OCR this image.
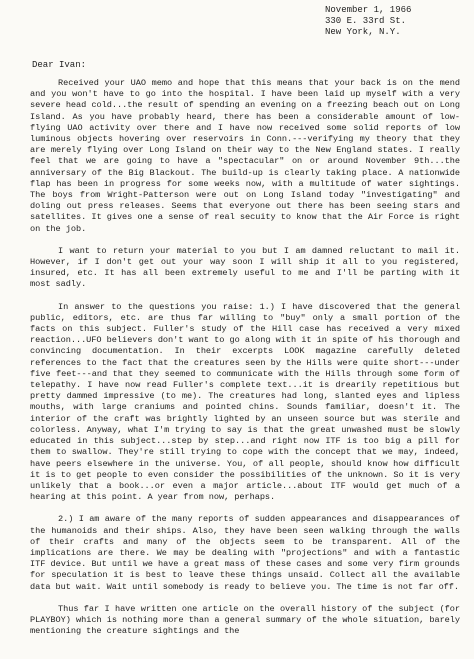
November 1, 1966
330 E. 33rd St.
New York, N.Y.
Dear Ivan:

Received your UAO memo and hope that this means that your back is on the mend and you won't have to go into the hospital. I have been laid up myself with a very severe head cold...the result of spending an evening on a freezing beach out on Long Island. As you have probably heard, there has been a considerable amount of low-flying UAO activity over there and I have now received some solid reports of low luminous objects hovering over reservoirs in Conn.---verifying my theory that they are merely flying over Long Island on their way to the New England states. I really feel that we are going to have a "spectacular" on or around November 9th...the anniversary of the Big Blackout. The build-up is clearly taking place. A nationwide flap has been in progress for some weeks now, with a multitude of water sightings. The boys from Wright-Patterson were out on Long Island today "investigating" and doling out press releases. Seems that everyone out there has been seeing stars and satellites. It gives one a sense of real secuity to know that the Air Force is right on the job.

I want to return your material to you but I am damned reluctant to mail it. However, if I don't get out your way soon I will ship it all to you registered, insured, etc. It has all been extremely useful to me and I'll be parting with it most sadly.

In answer to the questions you raise: 1.) I have discovered that the general public, editors, etc. are thus far willing to "buy" only a small portion of the facts on this subject. Fuller's study of the Hill case has received a very mixed reaction...UFO believers don't want to go along with it in spite of his thorough and convincing documentation. In their excerpts LOOK magazine carefully deleted references to the fact that the creatures seen by the Hills were quite short---under five feet---and that they seemed to communicate with the Hills through some form of telepathy. I have now read Fuller's complete text...it is drearily repetitious but pretty dammed impressive (to me). The creatures had long, slanted eyes and lipless mouths, with large craniums and pointed chins. Sounds familiar, doesn't it. The interior of the craft was brightly lighted by an unseen source but was sterile and colorless. Anyway, what I'm trying to say is that the great unwashed must be slowly educated in this subject...step by step...and right now ITF is too big a pill for them to swallow. They're still trying to cope with the concept that we may, indeed, have peers elsewhere in the universe. You, of all people, should know how difficult it is to get people to even consider the possibilities of the unknown. So it is very unlikely that a book...or even a major article...about ITF would get much of a hearing at this point. A year from now, perhaps.

2.) I am aware of the many reports of sudden appearances and disappearances of the humanoids and their ships. Also, they have been seen walking through the walls of their crafts and many of the objects seem to be transparent. All of the implications are there. We may be dealing with "projections" and with a fantastic ITF device. But until we have a great mass of these cases and some very firm grounds for speculation it is best to leave these things unsaid. Collect all the available data but wait. Wait until somebody is ready to believe you. The time is not far off.

Thus far I have written one article on the overall history of the subject (for PLAYBOY) which is nothing more than a general summary of the whole situation, barely mentioning the creature sightings and the
